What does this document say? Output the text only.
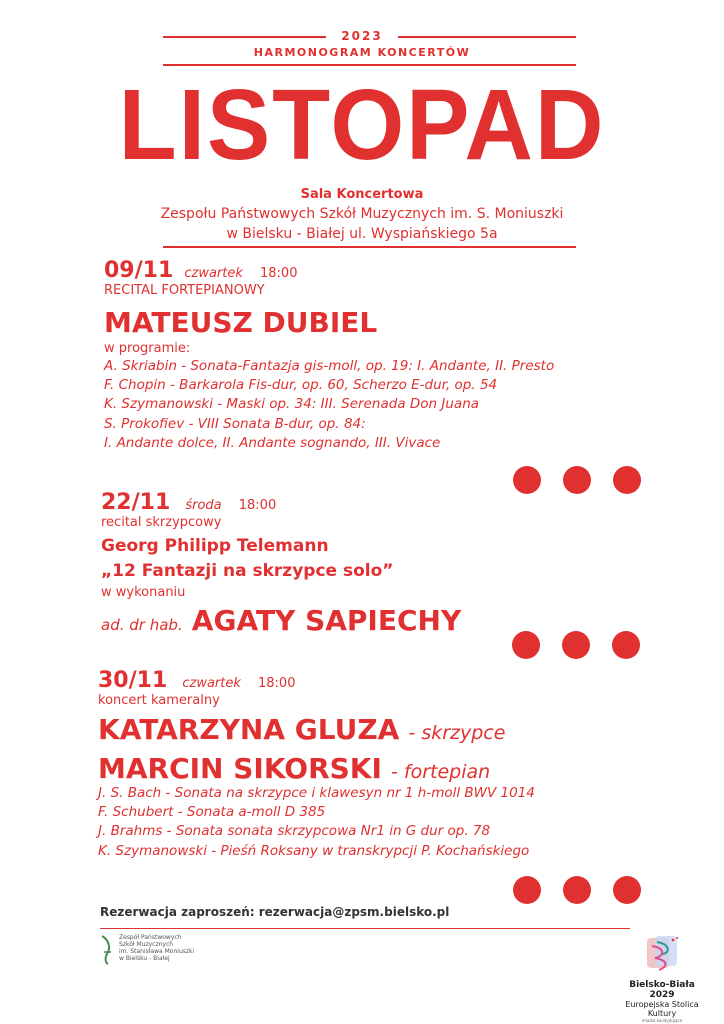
2023
HARMONOGRAM KONCERTÓW
LISTOPAD
Sala Koncertowa
Zespołu Państwowych Szkół Muzycznych im. S. Moniuszki
w Bielsku - Białej ul. Wyspiańskiego 5a
09/11 czwartek 18:00
RECITAL FORTEPIANOWY
MATEUSZ DUBIEL
w programie:
A. Skriabin - Sonata-Fantazja gis-moll, op. 19: I. Andante, II. Presto
F. Chopin - Barkarola Fis-dur, op. 60, Scherzo E-dur, op. 54
K. Szymanowski - Maski op. 34: III. Serenada Don Juana
S. Prokofiev - VIII Sonata B-dur, op. 84:
I. Andante dolce, II. Andante sognando, III. Vivace
22/11 środa 18:00
recital skrzypcowy
Georg Philipp Telemann
„12 Fantazji na skrzypce solo”
w wykonaniu
ad. dr hab. AGATY SAPIECHY
30/11 czwartek 18:00
koncert kameralny
KATARZYNA GLUZA - skrzypce
MARCIN SIKORSKI - fortepian
J. S. Bach - Sonata na skrzypce i klawesyn nr 1 h-moll BWV 1014
F. Schubert - Sonata a-moll D 385
J. Brahms - Sonata sonata skrzypcowa Nr1 in G dur op. 78
K. Szymanowski - Pieśń Roksany w transkrypcji P. Kochańskiego
Rezerwacja zaproszeń: rezerwacja@zpsm.bielsko.pl
Zespół Państwowych
Szkół Muzycznych
im. Stanisława Moniuszki
w Bielsku - Białej
Bielsko-Biała 2029
Europejska Stolica Kultury
miasto kandydujące
